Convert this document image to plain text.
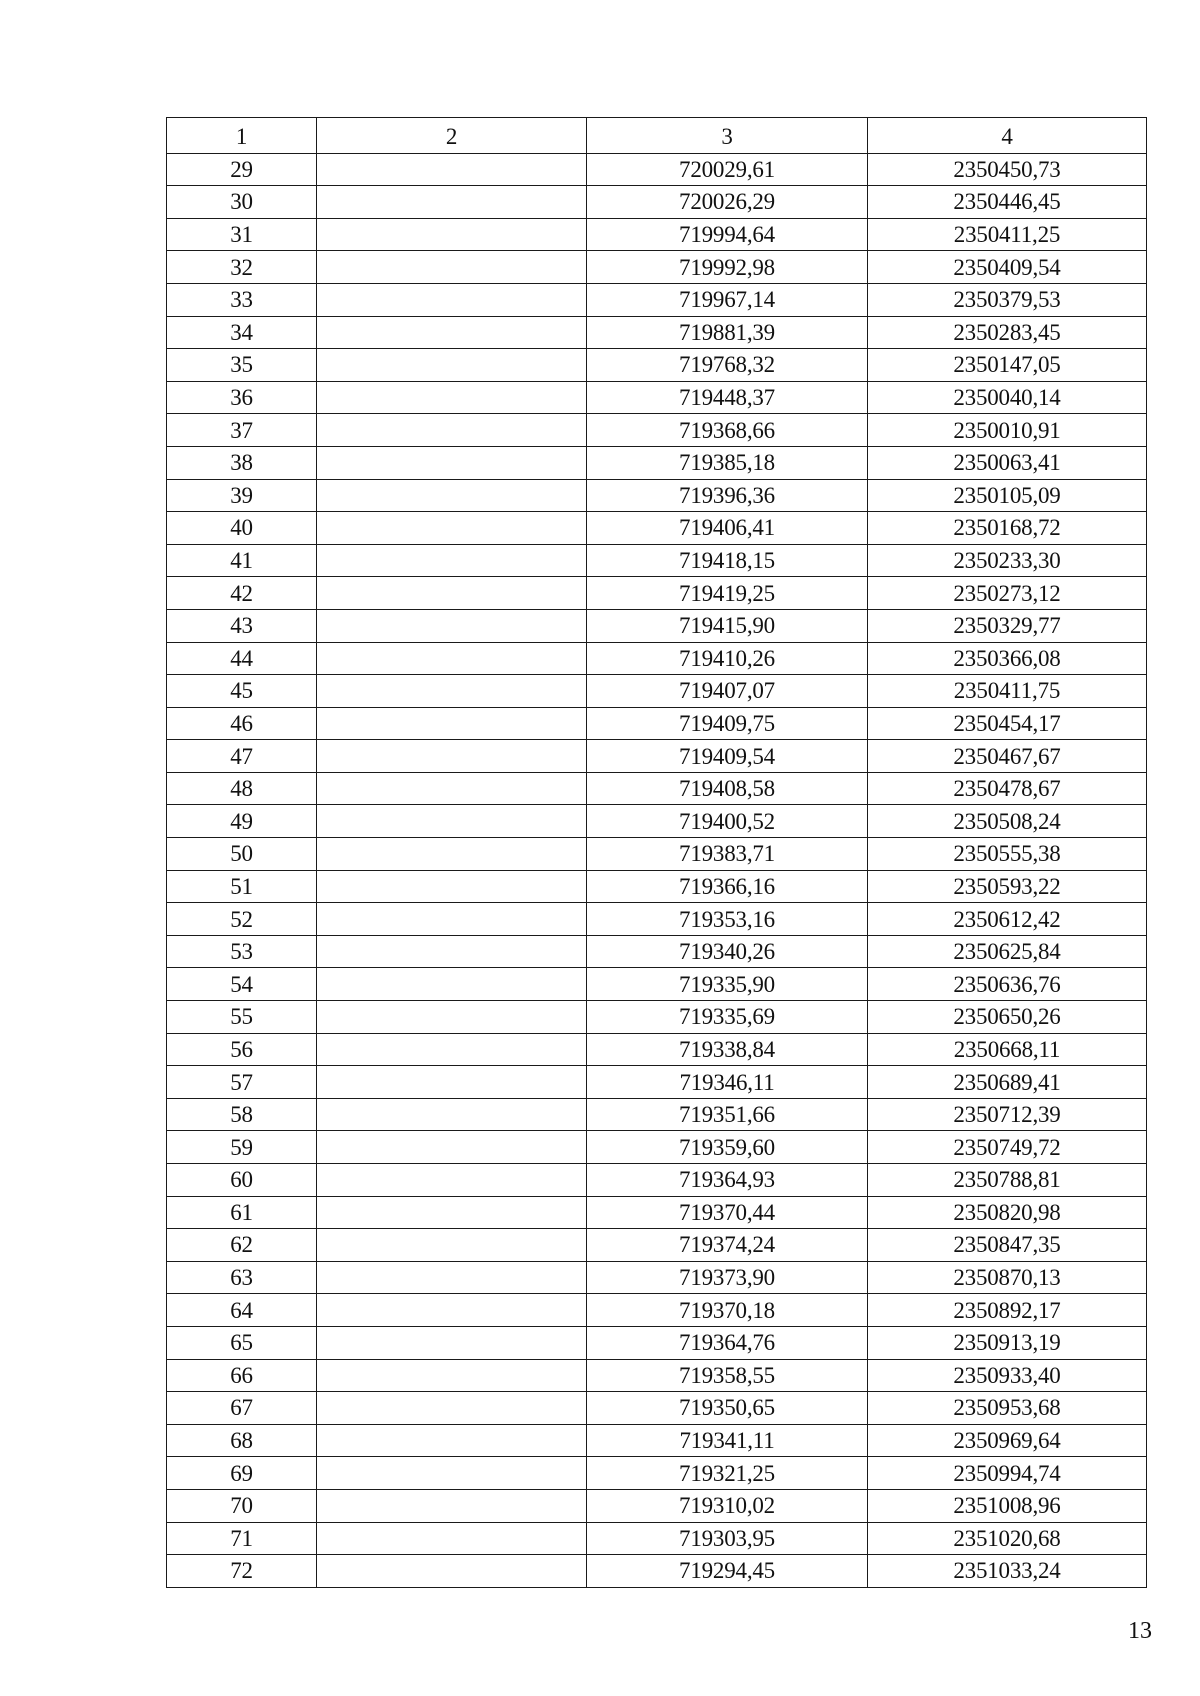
1	2	3	4
29		720029,61	2350450,73
30		720026,29	2350446,45
31		719994,64	2350411,25
32		719992,98	2350409,54
33		719967,14	2350379,53
34		719881,39	2350283,45
35		719768,32	2350147,05
36		719448,37	2350040,14
37		719368,66	2350010,91
38		719385,18	2350063,41
39		719396,36	2350105,09
40		719406,41	2350168,72
41		719418,15	2350233,30
42		719419,25	2350273,12
43		719415,90	2350329,77
44		719410,26	2350366,08
45		719407,07	2350411,75
46		719409,75	2350454,17
47		719409,54	2350467,67
48		719408,58	2350478,67
49		719400,52	2350508,24
50		719383,71	2350555,38
51		719366,16	2350593,22
52		719353,16	2350612,42
53		719340,26	2350625,84
54		719335,90	2350636,76
55		719335,69	2350650,26
56		719338,84	2350668,11
57		719346,11	2350689,41
58		719351,66	2350712,39
59		719359,60	2350749,72
60		719364,93	2350788,81
61		719370,44	2350820,98
62		719374,24	2350847,35
63		719373,90	2350870,13
64		719370,18	2350892,17
65		719364,76	2350913,19
66		719358,55	2350933,40
67		719350,65	2350953,68
68		719341,11	2350969,64
69		719321,25	2350994,74
70		719310,02	2351008,96
71		719303,95	2351020,68
72		719294,45	2351033,24
13
